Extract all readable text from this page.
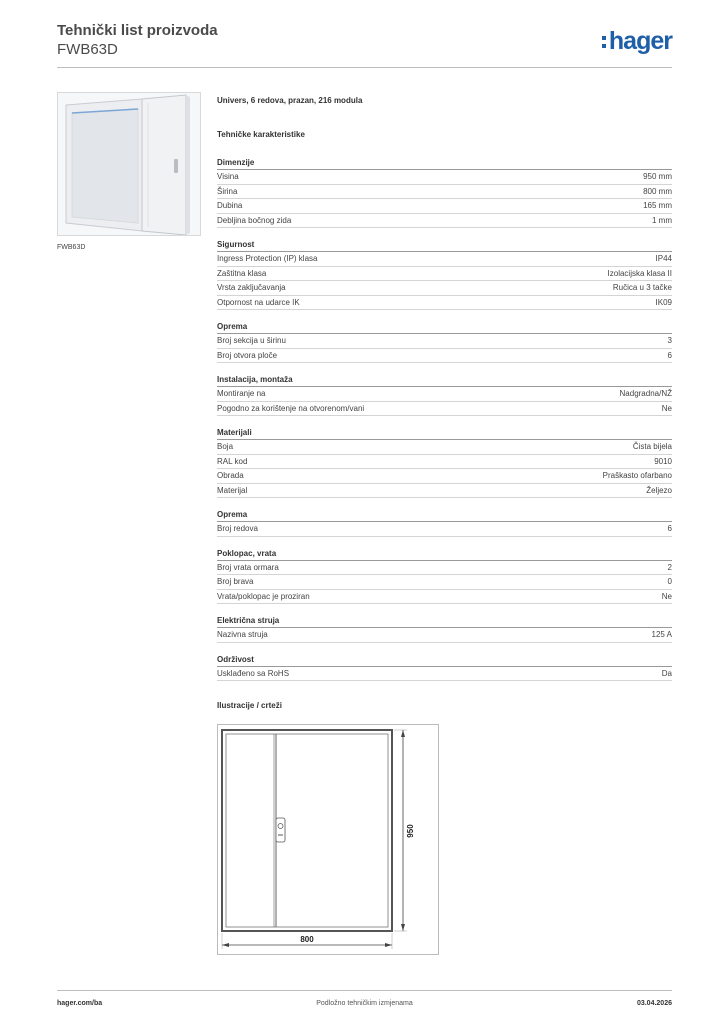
Tehnički list proizvoda
FWB63D	hager
FWB63D
Univers, 6 redova, prazan, 216 modula
Tehničke karakteristike
Dimenzije
Visina	950 mm
Širina	800 mm
Dubina	165 mm
Debljina bočnog zida	1 mm
Sigurnost
Ingress Protection (IP) klasa	IP44
Zaštitna klasa	Izolacijska klasa II
Vrsta zaključavanja	Ručica u 3 tačke
Otpornost na udarce IK	IK09
Oprema
Broj sekcija u širinu	3
Broj otvora ploče	6
Instalacija, montaža
Montiranje na	Nadgradna/NŽ
Pogodno za korištenje na otvorenom/vani	Ne
Materijali
Boja	Čista bijela
RAL kod	9010
Obrada	Praškasto ofarbano
Materijal	Željezo
Oprema
Broj redova	6
Poklopac, vrata
Broj vrata ormara	2
Broj brava	0
Vrata/poklopac je proziran	Ne
Električna struja
Nazivna struja	125 A
Održivost
Usklađeno sa RoHS	Da
Ilustracije / crteži
800
950
hager.com/ba	Podložno tehničkim izmjenama	03.04.2026
